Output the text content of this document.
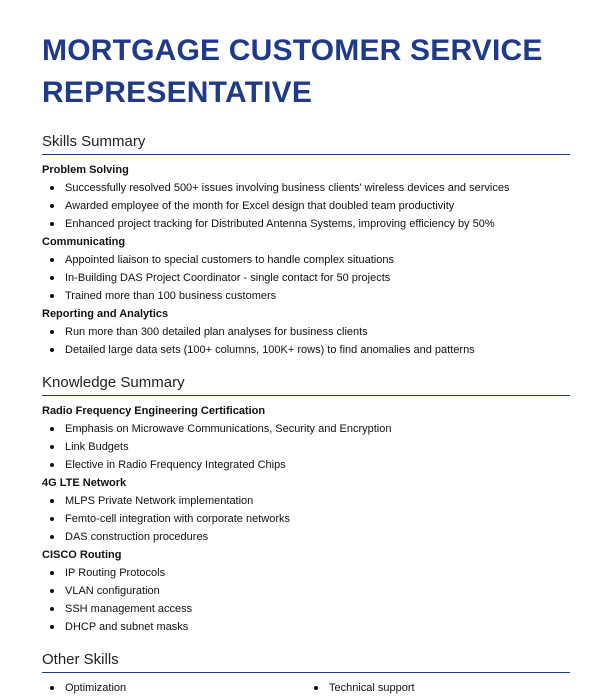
MORTGAGE CUSTOMER SERVICE REPRESENTATIVE
Skills Summary
Problem Solving
Successfully resolved 500+ issues involving business clients' wireless devices and services
Awarded employee of the month for Excel design that doubled team productivity
Enhanced project tracking for Distributed Antenna Systems, improving efficiency by 50%
Communicating
Appointed liaison to special customers to handle complex situations
In-Building DAS Project Coordinator - single contact for 50 projects
Trained more than 100 business customers
Reporting and Analytics
Run more than 300 detailed plan analyses for business clients
Detailed large data sets (100+ columns, 100K+ rows) to find anomalies and patterns
Knowledge Summary
Radio Frequency Engineering Certification
Emphasis on Microwave Communications, Security and Encryption
Link Budgets
Elective in Radio Frequency Integrated Chips
4G LTE Network
MLPS Private Network implementation
Femto-cell integration with corporate networks
DAS construction procedures
CISCO Routing
IP Routing Protocols
VLAN configuration
SSH management access
DHCP and subnet masks
Other Skills
Optimization	Technical support
